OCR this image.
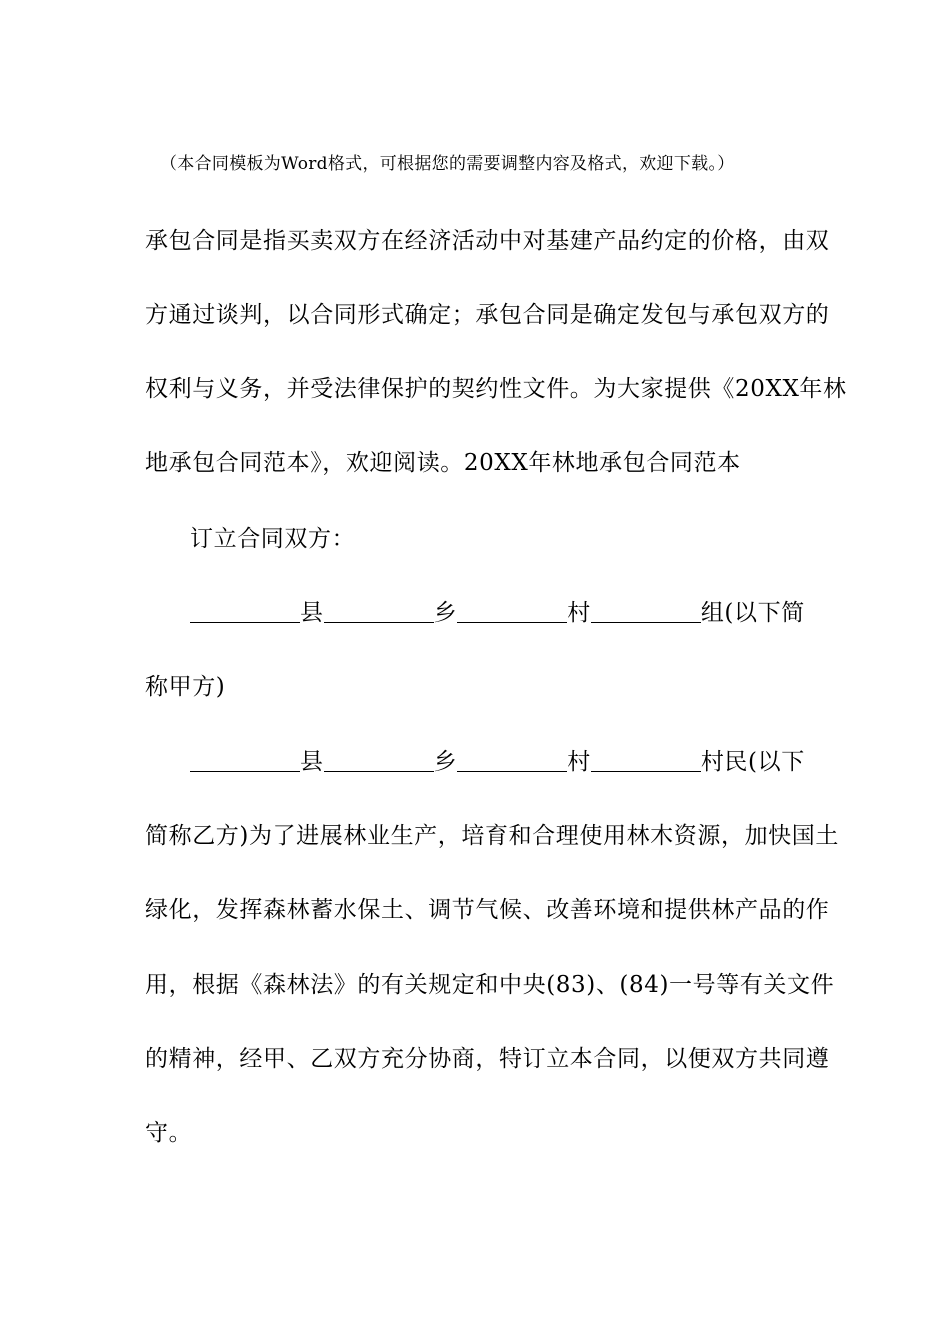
（本合同模板为Word格式，可根据您的需要调整内容及格式，欢迎下载。）
承包合同是指买卖双方在经济活动中对基建产品约定的价格，由双
方通过谈判，以合同形式确定；承包合同是确定发包与承包双方的
权利与义务，并受法律保护的契约性文件。为大家提供《20XX年林
地承包合同范本》，欢迎阅读。20XX年林地承包合同范本
订立合同双方：
县	乡	村	组(以下简
称甲方)
县	乡	村	村民(以下
简称乙方)为了进展林业生产，培育和合理使用林木资源，加快国土
绿化，发挥森林蓄水保土、调节气候、改善环境和提供林产品的作
用，根据《森林法》的有关规定和中央(83)、(84)一号等有关文件
的精神，经甲、乙双方充分协商，特订立本合同，以便双方共同遵
守。
